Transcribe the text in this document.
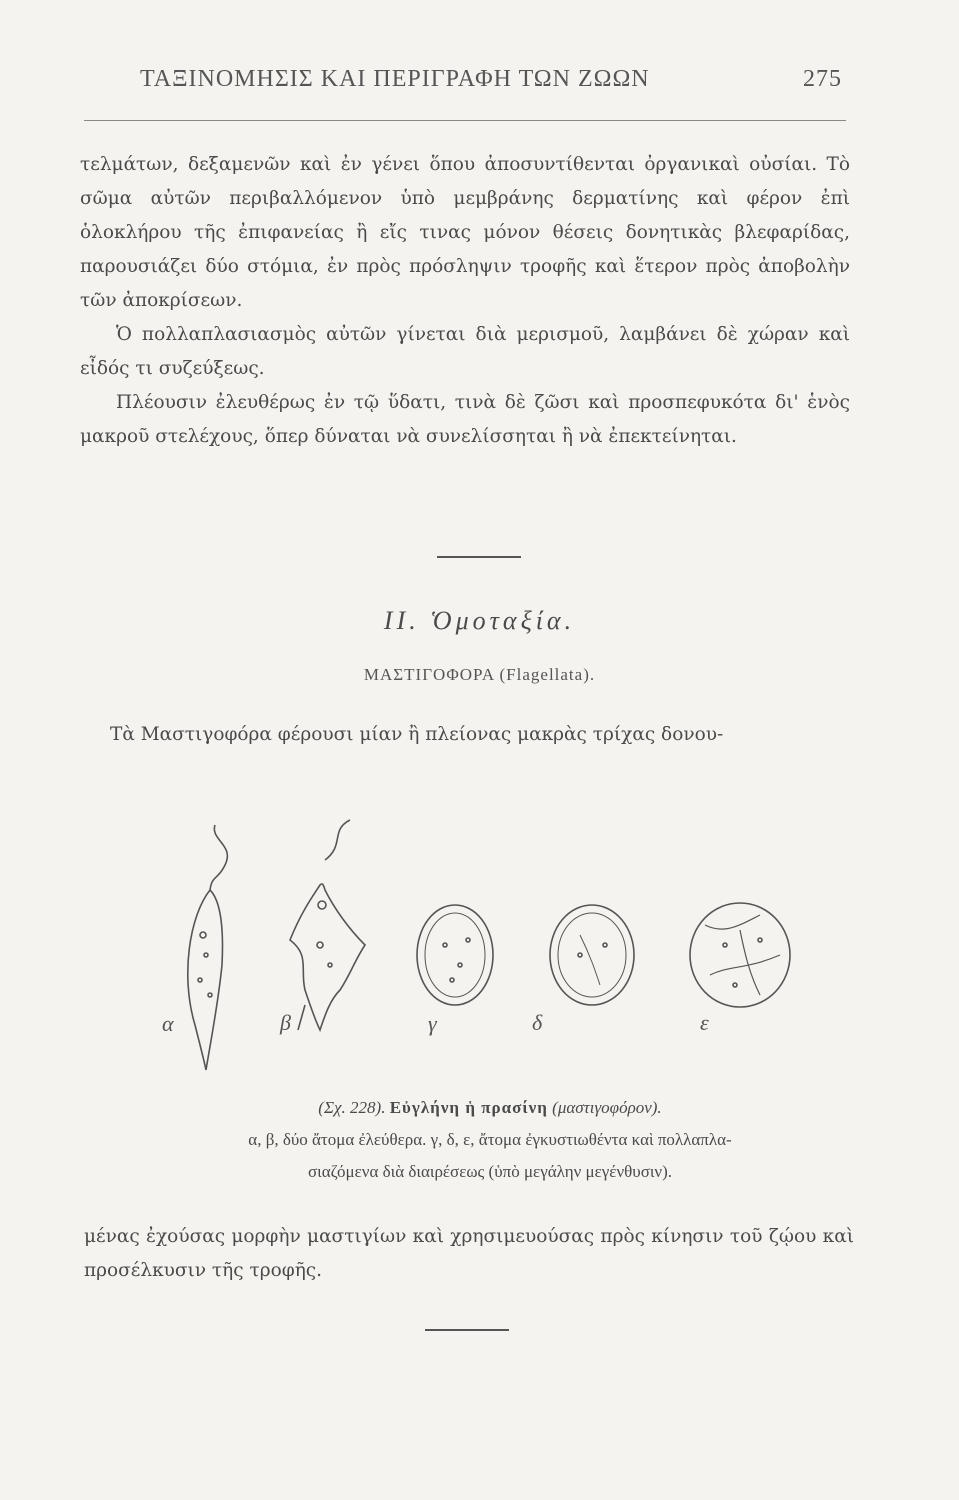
ΤΑΞΙΝΟΜΗΣΙΣ ΚΑΙ ΠΕΡΙΓΡΑΦΗ ΤΩΝ ΖΩΩΝ	275

τελμάτων, δεξαμενῶν καὶ ἐν γένει ὅπου ἀποσυντίθενται ὀργανικαὶ οὐσίαι. Τὸ σῶμα αὐτῶν περιβαλλόμενον ὑπὸ μεμβράνης δερματίνης καὶ φέρον ἐπὶ ὁλοκλήρου τῆς ἐπιφανείας ἢ εἴς τινας μόνον θέσεις δονητικὰς βλεφαρίδας, παρουσιάζει δύο στόμια, ἐν πρὸς πρόσληψιν τροφῆς καὶ ἕτερον πρὸς ἀποβολὴν τῶν ἀποκρίσεων.

Ὁ πολλαπλασιασμὸς αὐτῶν γίνεται διὰ μερισμοῦ, λαμβάνει δὲ χώραν καὶ εἶδός τι συζεύξεως.

Πλέουσιν ἐλευθέρως ἐν τῷ ὕδατι, τινὰ δὲ ζῶσι καὶ προσπεφυκότα δι' ἑνὸς μακροῦ στελέχους, ὅπερ δύναται νὰ συνελίσσηται ἢ νὰ ἐπεκτείνηται.

II. Ὁμοταξία.
ΜΑΣΤΙΓΟΦΟΡΑ (Flagellata).

Τὰ Μαστιγοφόρα φέρουσι μίαν ἢ πλείονας μακρὰς τρίχας δονου-

α	β	γ	δ	ε
(Σχ. 228). Εὐγλήνη ἡ πρασίνη (μαστιγοφόρον).
α, β, δύο ἄτομα ἐλεύθερα. γ, δ, ε, ἄτομα ἐγκυστιωθέντα καὶ πολλαπλα-
σιαζόμενα διὰ διαιρέσεως (ὑπὸ μεγάλην μεγένθυσιν).

μένας ἐχούσας μορφὴν μαστιγίων καὶ χρησιμευούσας πρὸς κίνησιν τοῦ ζῴου καὶ προσέλκυσιν τῆς τροφῆς.
